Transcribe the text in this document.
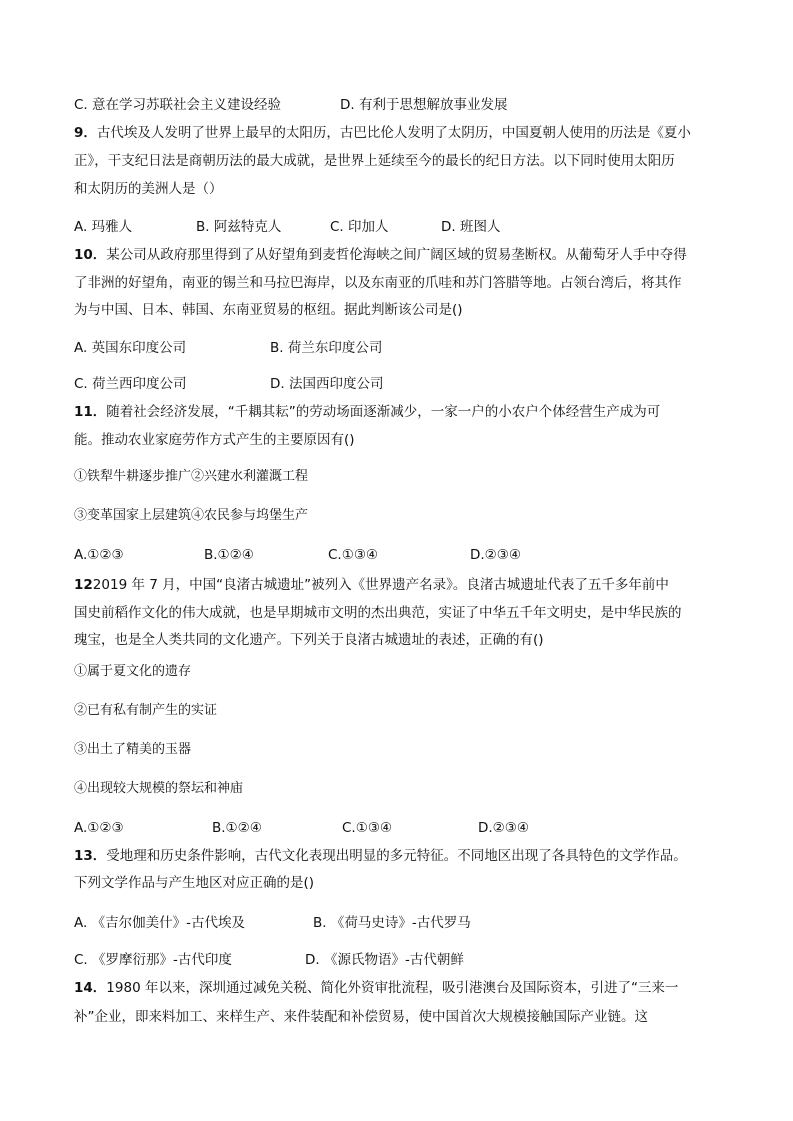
C. 意在学习苏联社会主义建设经验	D. 有利于思想解放事业发展
9．古代埃及人发明了世界上最早的太阳历，古巴比伦人发明了太阴历，中国夏朝人使用的历法是《夏小
正》，干支纪日法是商朝历法的最大成就，是世界上延续至今的最长的纪日方法。以下同时使用太阳历
和太阴历的美洲人是（）
A. 玛雅人	B. 阿兹特克人	C. 印加人	D. 班图人
10．某公司从政府那里得到了从好望角到麦哲伦海峡之间广阔区域的贸易垄断权。从葡萄牙人手中夺得
了非洲的好望角，南亚的锡兰和马拉巴海岸，以及东南亚的爪哇和苏门答腊等地。占领台湾后，将其作
为与中国、日本、韩国、东南亚贸易的枢纽。据此判断该公司是()
A. 英国东印度公司	B. 荷兰东印度公司
C. 荷兰西印度公司	D. 法国西印度公司
11．随着社会经济发展，“千耦其耘”的劳动场面逐渐减少，一家一户的小农户个体经营生产成为可
能。推动农业家庭劳作方式产生的主要原因有()
①铁犁牛耕逐步推广②兴建水利灌溉工程
③变革国家上层建筑④农民参与坞堡生产
A.①②③	B.①②④	C.①③④	D.②③④
122019 年 7 月，中国“良渚古城遗址”被列入《世界遗产名录》。良渚古城遗址代表了五千多年前中
国史前稻作文化的伟大成就，也是早期城市文明的杰出典范，实证了中华五千年文明史，是中华民族的
瑰宝，也是全人类共同的文化遗产。下列关于良渚古城遗址的表述，正确的有()
①属于夏文化的遗存
②已有私有制产生的实证
③出土了精美的玉器
④出现较大规模的祭坛和神庙
A.①②③	B.①②④	C.①③④	D.②③④
13．受地理和历史条件影响，古代文化表现出明显的多元特征。不同地区出现了各具特色的文学作品。
下列文学作品与产生地区对应正确的是()
A. 《吉尔伽美什》-古代埃及	B. 《荷马史诗》-古代罗马
C. 《罗摩衍那》-古代印度	D. 《源氏物语》-古代朝鲜
14．1980 年以来，深圳通过减免关税、简化外资审批流程，吸引港澳台及国际资本，引进了“三来一
补”企业，即来料加工、来样生产、来件装配和补偿贸易，使中国首次大规模接触国际产业链。这
